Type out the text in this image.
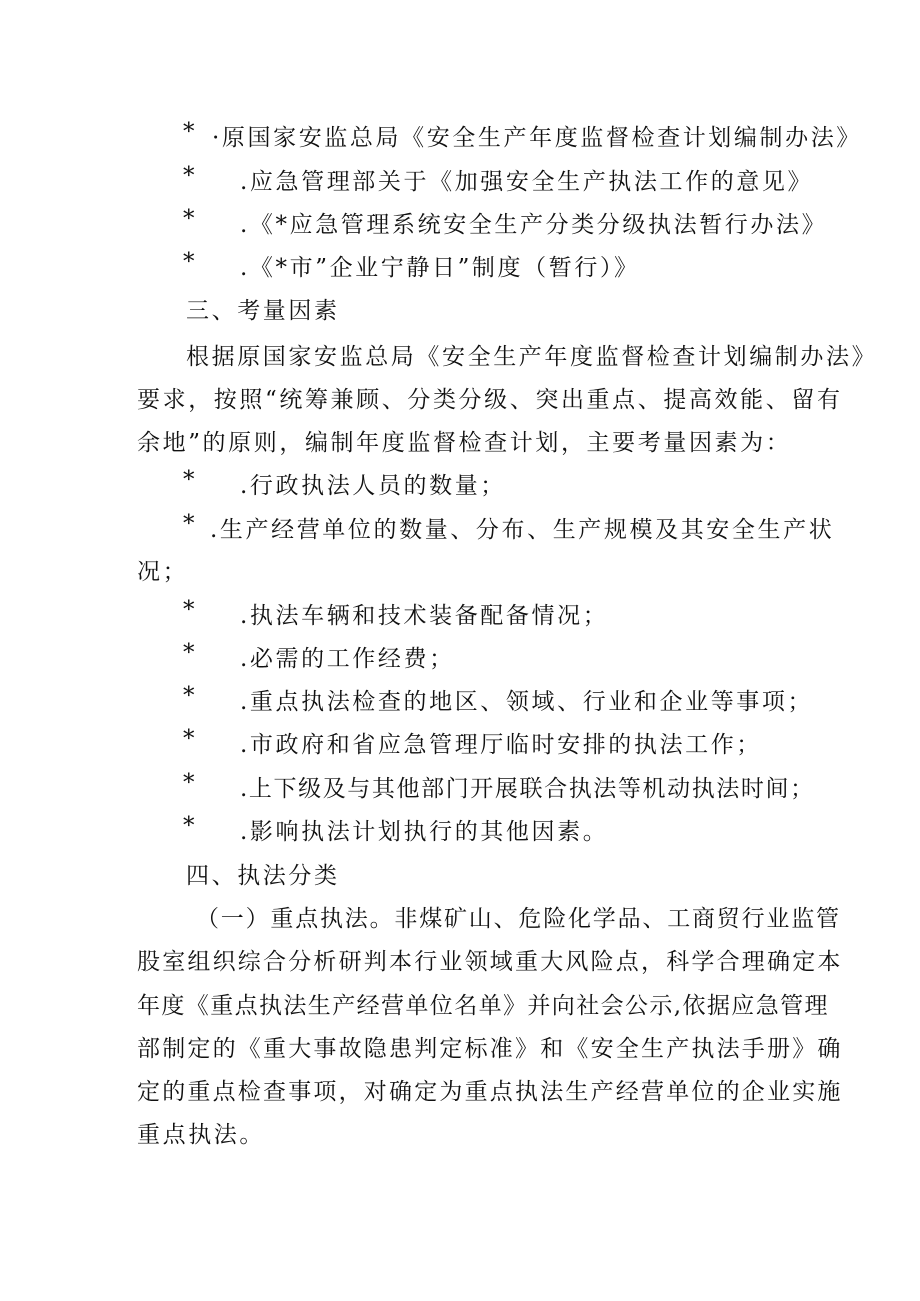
* ·原国家安监总局《安全生产年度监督检查计划编制办法》
* .应急管理部关于《加强安全生产执法工作的意见》
* .《*应急管理系统安全生产分类分级执法暂行办法》
* .《*市”企业宁静日”制度（暂行）》
三、考量因素
根据原国家安监总局《安全生产年度监督检查计划编制办法》
要求，按照“统筹兼顾、分类分级、突出重点、提高效能、留有
余地”的原则，编制年度监督检查计划，主要考量因素为：
* .行政执法人员的数量；
* .生产经营单位的数量、分布、生产规模及其安全生产状
况；
* .执法车辆和技术装备配备情况；
* .必需的工作经费；
* .重点执法检查的地区、领域、行业和企业等事项；
* .市政府和省应急管理厅临时安排的执法工作；
* .上下级及与其他部门开展联合执法等机动执法时间；
* .影响执法计划执行的其他因素。
四、执法分类
（一）重点执法。非煤矿山、危险化学品、工商贸行业监管
股室组织综合分析研判本行业领域重大风险点，科学合理确定本
年度《重点执法生产经营单位名单》并向社会公示,依据应急管理
部制定的《重大事故隐患判定标准》和《安全生产执法手册》确
定的重点检查事项，对确定为重点执法生产经营单位的企业实施
重点执法。
